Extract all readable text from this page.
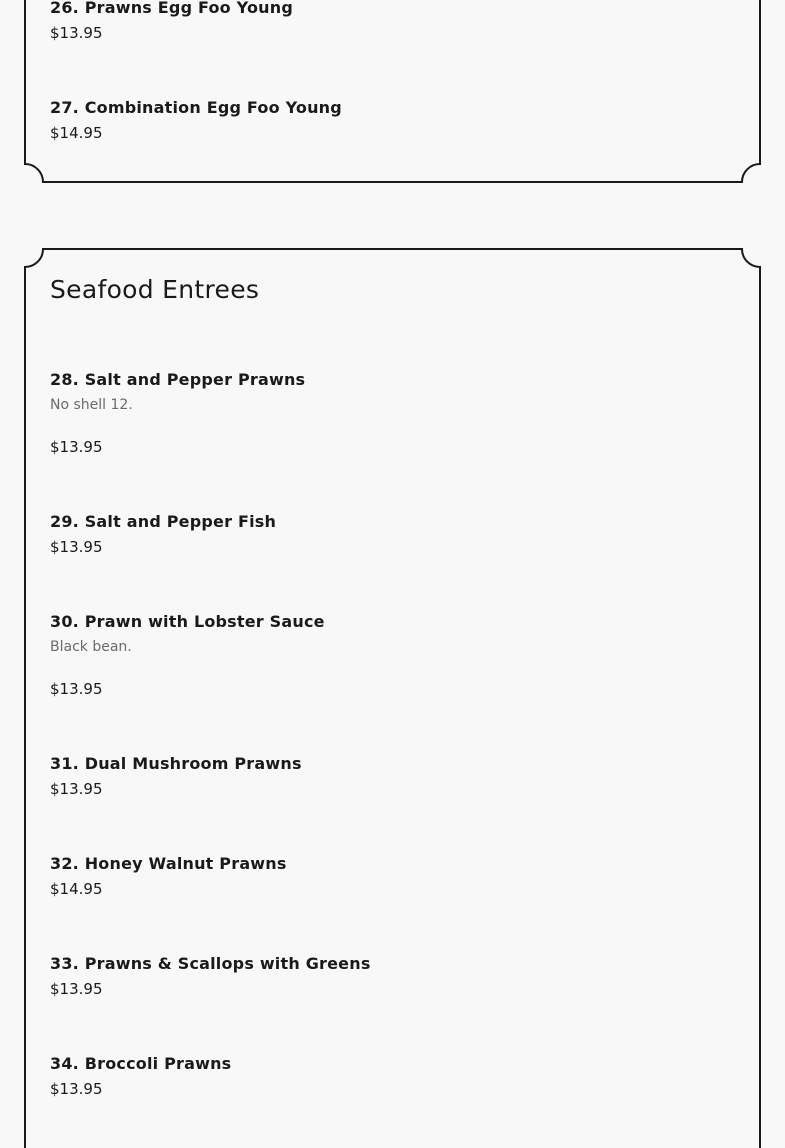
26. Prawns Egg Foo Young
$13.95
27. Combination Egg Foo Young
$14.95
Seafood Entrees
28. Salt and Pepper Prawns
No shell 12.
$13.95
29. Salt and Pepper Fish
$13.95
30. Prawn with Lobster Sauce
Black bean.
$13.95
31. Dual Mushroom Prawns
$13.95
32. Honey Walnut Prawns
$14.95
33. Prawns & Scallops with Greens
$13.95
34. Broccoli Prawns
$13.95
